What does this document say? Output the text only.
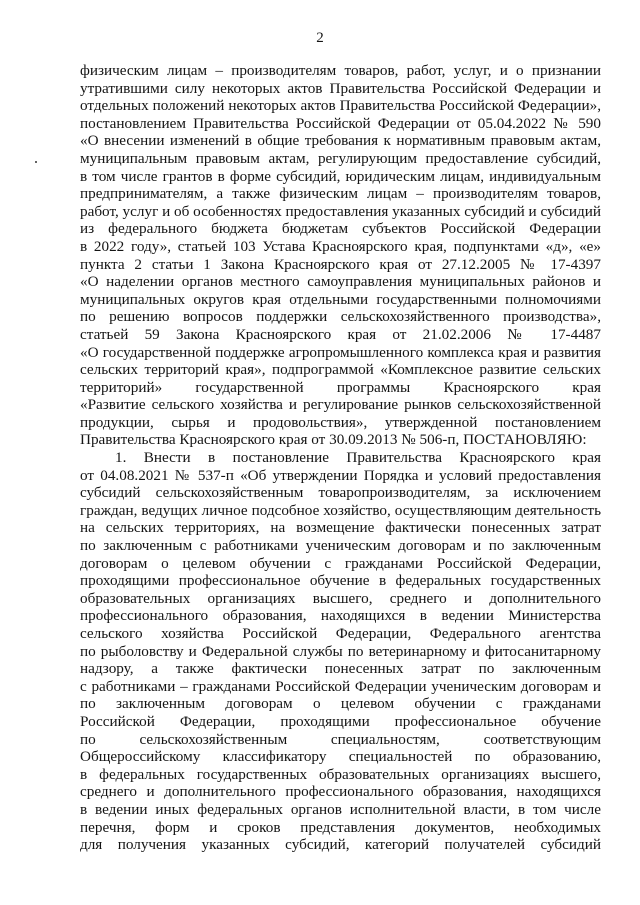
2
физическим лицам – производителям товаров, работ, услуг, и о признании
утратившими силу некоторых актов Правительства Российской Федерации и
отдельных положений некоторых актов Правительства Российской Федерации»,
постановлением Правительства Российской Федерации от 05.04.2022 № 590
«О внесении изменений в общие требования к нормативным правовым актам,
муниципальным правовым актам, регулирующим предоставление субсидий,
в том числе грантов в форме субсидий, юридическим лицам, индивидуальным
предпринимателям, а также физическим лицам – производителям товаров,
работ, услуг и об особенностях предоставления указанных субсидий и субсидий
из федерального бюджета бюджетам субъектов Российской Федерации
в 2022 году», статьей 103 Устава Красноярского края, подпунктами «д», «е»
пункта 2 статьи 1 Закона Красноярского края от 27.12.2005 № 17-4397
«О наделении органов местного самоуправления муниципальных районов и
муниципальных округов края отдельными государственными полномочиями
по решению вопросов поддержки сельскохозяйственного производства»,
статьей 59 Закона Красноярского края от 21.02.2006 № 17-4487
«О государственной поддержке агропромышленного комплекса края и развития
сельских территорий края», подпрограммой «Комплексное развитие сельских
территорий» государственной программы Красноярского края
«Развитие сельского хозяйства и регулирование рынков сельскохозяйственной
продукции, сырья и продовольствия», утвержденной постановлением
Правительства Красноярского края от 30.09.2013 № 506-п, ПОСТАНОВЛЯЮ:
1. Внести в постановление Правительства Красноярского края
от 04.08.2021 № 537-п «Об утверждении Порядка и условий предоставления
субсидий сельскохозяйственным товаропроизводителям, за исключением
граждан, ведущих личное подсобное хозяйство, осуществляющим деятельность
на сельских территориях, на возмещение фактически понесенных затрат
по заключенным с работниками ученическим договорам и по заключенным
договорам о целевом обучении с гражданами Российской Федерации,
проходящими профессиональное обучение в федеральных государственных
образовательных организациях высшего, среднего и дополнительного
профессионального образования, находящихся в ведении Министерства
сельского хозяйства Российской Федерации, Федерального агентства
по рыболовству и Федеральной службы по ветеринарному и фитосанитарному
надзору, а также фактически понесенных затрат по заключенным
с работниками – гражданами Российской Федерации ученическим договорам и
по заключенным договорам о целевом обучении с гражданами
Российской Федерации, проходящими профессиональное обучение
по сельскохозяйственным специальностям, соответствующим
Общероссийскому классификатору специальностей по образованию,
в федеральных государственных образовательных организациях высшего,
среднего и дополнительного профессионального образования, находящихся
в ведении иных федеральных органов исполнительной власти, в том числе
перечня, форм и сроков представления документов, необходимых
для получения указанных субсидий, категорий получателей субсидий
